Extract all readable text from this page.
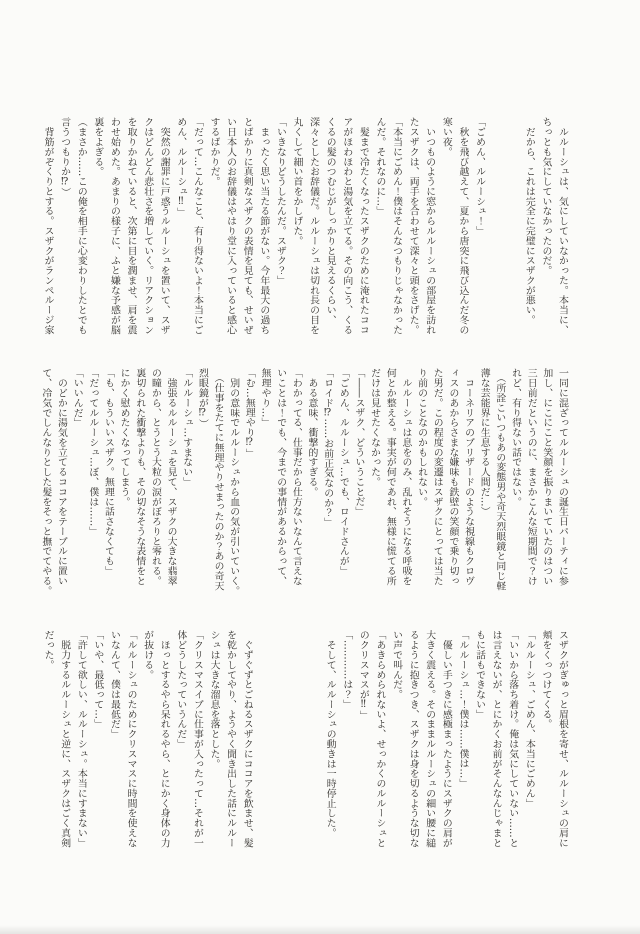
　ルルーシュは、気にしていなかった。本当に、

ちっとも気にしていなかったのだ。

　だから、これは完全に完璧にスザクが悪い。

「ごめん、ルルーシュ！」

　秋を飛び越えて、夏から唐突に飛び込んだ冬の

寒い夜。

　いつものように窓からルルーシュの部屋を訪れ

たスザクは、両手を合わせて深々と頭をさげた。

「本当にごめん！僕はそんなつもりじゃなかった

んだ。それなのに…」

　髪まで冷たくなったスザクのために淹れたココ

アがほわほわと湯気を立てる。その向こう、くる

くるの髪のつむじがしっかりと見えるくらい、

深々としたお辞儀だ。ルルーシュは切れ長の目を

丸くして細い首をかしげた。

「いきなりどうしたんだ。スザク？」

　まったく思い当たる節がない。今年最大の過ち

とばかりに真剣なスザクの表情を見ても、せいぜ

い日本人のお辞儀はやはり堂に入っていると感心

するばかりだ。

「だって…こんなこと、有り得ないよ！本当にご

めん、ルルーシュ‼」

　突然の謝罪に戸惑うルルーシュを置いて、スザ

クはどんどん悲壮さを増していく。リアクション

を取りかねていると、次第に目を潤ませ、肩を震

わせ始めた。あまりの様子に、ふと嫌な予感が脳

裏をよぎる。

（まさか……この俺を相手に心変わりしたとでも

言うつもりか⁉）

　背筋がぞくりとする。スザクがランペルージ家

一同に混ざってルルーシュの誕生日パーティに参

加し、にこにこと笑顔を振りまいていたのはつい

三日前だというのに、まさかこんな短期間で？け

れど、有り得ない話ではない。

　（所詮こいつもあの変態男や奇天烈眼鏡と同じ軽

薄な芸能界に生息する人間だ…）

　コーネリアのブリザードのような視線もクロヴ

ィスのあからさまな嫌味も鉄壁の笑顔で乗り切っ

た男だ。この程度の変遷はスザクにとっては当た

り前のことなのかもしれない。

　ルルーシュは息をのみ、乱れそうになる呼吸を

何とか整える。事実が何であれ、無様に慌てる所

だけは見せたくなかった。

「――スザク、どういうことだ」

「ごめん、ルルーシュ…でも、ロイドさんが」

「ロイド⁉……お前正気なのか？」

　ある意味、衝撃的すぎる。

「わかってる、仕事だから仕方ないなんて言えな

いことは！でも、今までの事情があるからって、

無理やり…」

「む…無理やり⁉」

　別の意味でルルーシュから血の気が引いていく。

　（仕事をたてに無理やりせまったのか？あの奇天

烈眼鏡が⁉）

「ルルーシュ…すまない」

　強張るルルーシュを見て、スザクの大きな翡翠

の瞳から、とうとう大粒の涙がぼろりと零れる。

裏切られた衝撃よりも、その切なそうな表情をと

にかく慰めたくなってしまう。

「も、もういいスザク。無理に話さなくても」

「だってルルーシュ…ぼ、僕は……」

「いいんだ」

　のどかに湯気を立てるココアをテーブルに置い

て、冷気でしんなりとした髪をそっと撫でてやる。

スザクがぎゅっと眉根を寄せ、ルルーシュの肩に

頬をくっつけてくる。

「ルルーシュ、ごめん、本当にごめん」

「いいから落ち着け。俺は気にしていない……と

は言えないが、とにかくお前がそんなんじゃまと

もに話もできない」

「ルルーシュ…！僕は……僕は…」

　優しい手つきに感極まったようにスザクの肩が

大きく震える。そのままルルーシュの細い腰に縋

るように抱きつき、スザクは身を切るような切な

い声で叫んだ。

「あきらめられないよ、せっかくのルルーシュと

のクリスマスが‼」

「…………は？」

　そして、ルルーシュの動きは一時停止した。

　ぐずぐずとごねるスザクにココアを飲ませ、髪

を乾かしてやり、ようやく聞き出した話にルルー

シュは大きな溜息を落とした。

「クリスマスイブに仕事が入ったって…それが一

体どうしたっていうんだ」

　ほっとするやら呆れるやら、とにかく身体の力

が抜ける。

「ルルーシュのためにクリスマスに時間を使えな

いなんて、僕は最低だ」

「いや、最低って…」

「許して欲しい、ルルーシュ。本当にすまない」

　脱力するルルーシュと逆に、スザクはごく真剣

だった。
